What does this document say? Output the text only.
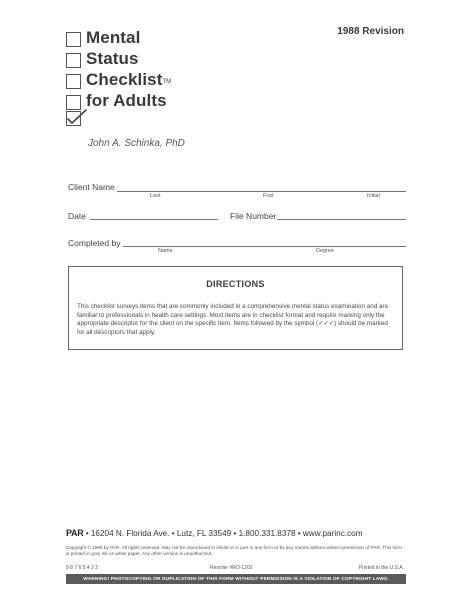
1988 Revision
Mental
Status
Checklist TM
for Adults
John A. Schinka, PhD
Client Name
Last	First	Initial
Date	File Number
Completed by
Name	Degree
DIRECTIONS
This checklist surveys items that are commonly included in a comprehensive mental status examination and are familiar to professionals in health care settings. Most items are in checklist format and require marking only the appropriate descriptor for the client on the specific item. Items followed by the symbol (✓✓✓) should be marked for all descriptors that apply.
PAR • 16204 N. Florida Ave. • Lutz, FL 33549 • 1.800.331.8378 • www.parinc.com
Copyright © 1985 by PAR. All rights reserved. May not be reproduced in whole or in part in any form or by any means without written permission of PAR. This form is printed in grey ink on white paper. Any other version is unauthorized.
9 8 7 6 5 4 3 2	Reorder #RO-1202	Printed in the U.S.A.
WARNING! PHOTOCOPYING OR DUPLICATION OF THIS FORM WITHOUT PERMISSION IS A VIOLATION OF COPYRIGHT LAWS.
